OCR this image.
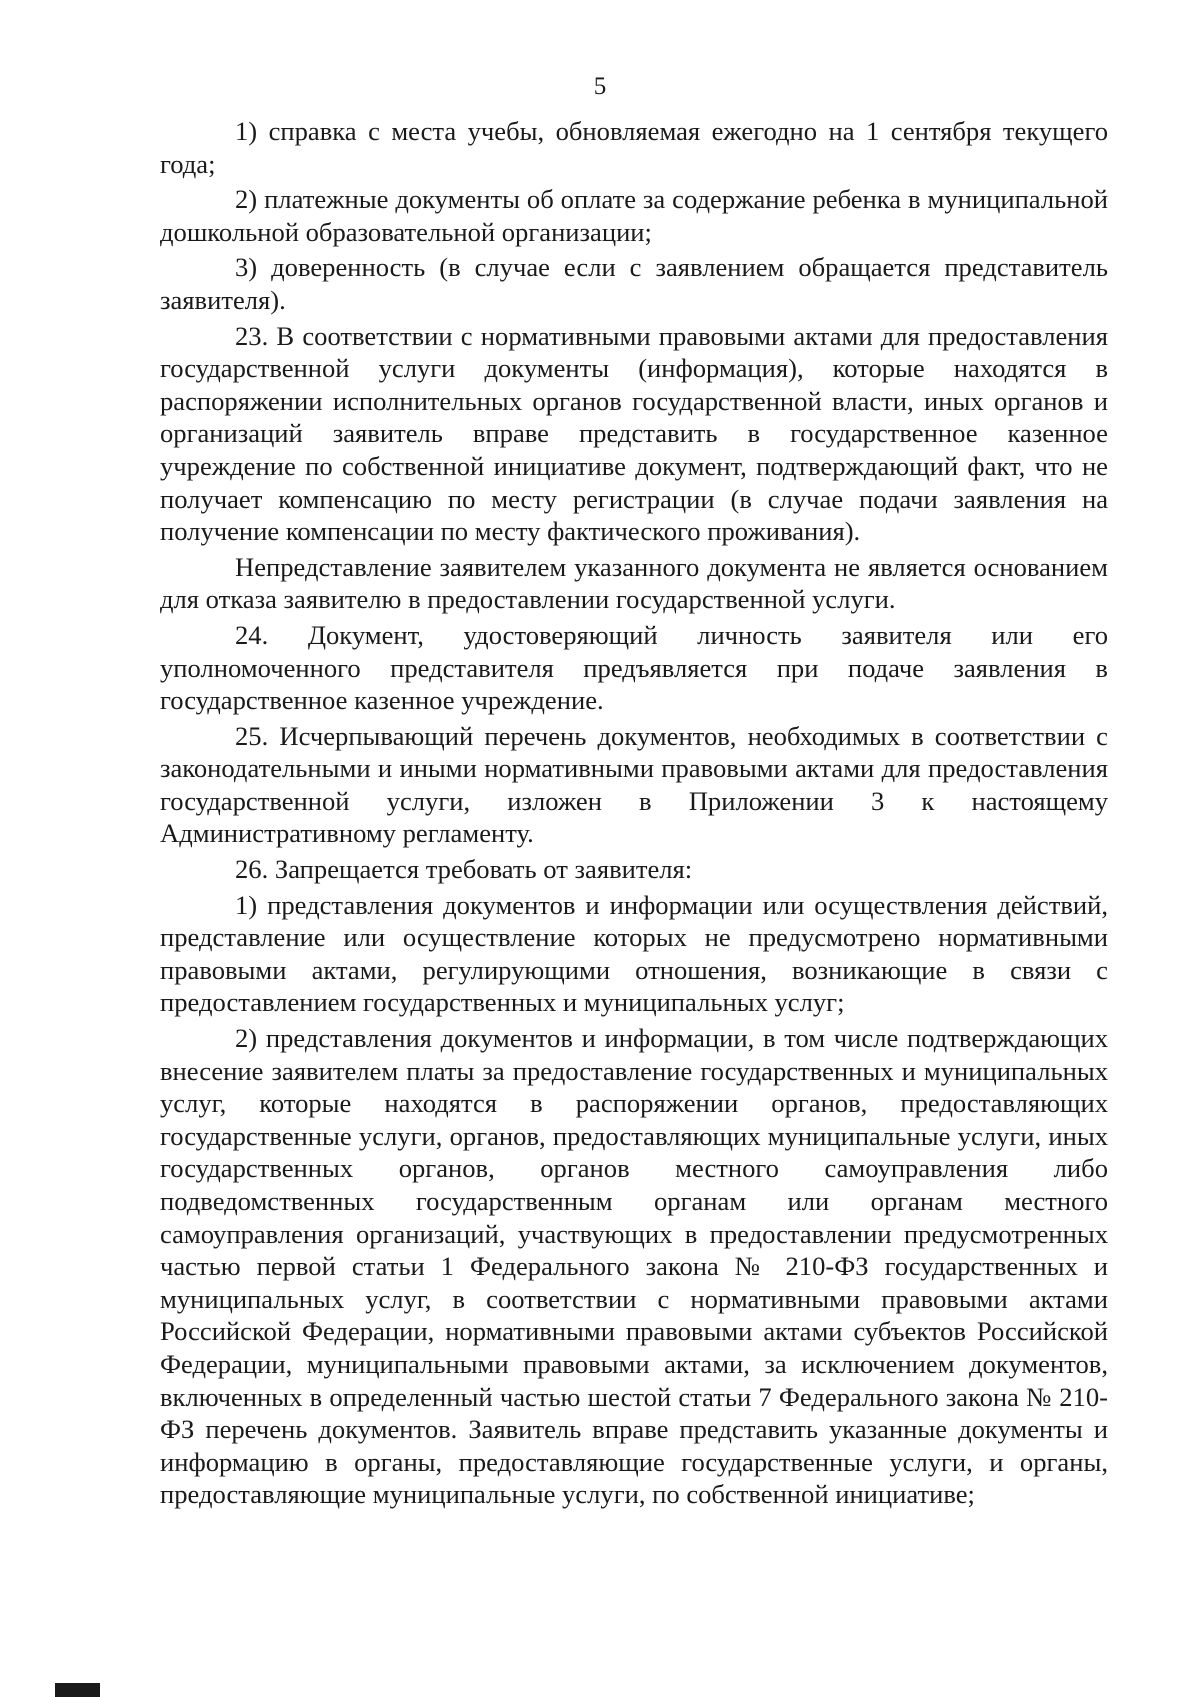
5

1) справка с места учебы, обновляемая ежегодно на 1 сентября текущего года;

2) платежные документы об оплате за содержание ребенка в муниципальной дошкольной образовательной организации;

3) доверенность (в случае если с заявлением обращается представитель заявителя).

23. В соответствии с нормативными правовыми актами для предоставления государственной услуги документы (информация), которые находятся в распоряжении исполнительных органов государственной власти, иных органов и организаций заявитель вправе представить в государственное казенное учреждение по собственной инициативе документ, подтверждающий факт, что не получает компенсацию по месту регистрации (в случае подачи заявления на получение компенсации по месту фактического проживания).

Непредставление заявителем указанного документа не является основанием для отказа заявителю в предоставлении государственной услуги.

24. Документ, удостоверяющий личность заявителя или его уполномоченного представителя предъявляется при подаче заявления в государственное казенное учреждение.

25. Исчерпывающий перечень документов, необходимых в соответствии с законодательными и иными нормативными правовыми актами для предоставления государственной услуги, изложен в Приложении 3 к настоящему Административному регламенту.

26. Запрещается требовать от заявителя:

1) представления документов и информации или осуществления действий, представление или осуществление которых не предусмотрено нормативными правовыми актами, регулирующими отношения, возникающие в связи с предоставлением государственных и муниципальных услуг;

2) представления документов и информации, в том числе подтверждающих внесение заявителем платы за предоставление государственных и муниципальных услуг, которые находятся в распоряжении органов, предоставляющих государственные услуги, органов, предоставляющих муниципальные услуги, иных государственных органов, органов местного самоуправления либо подведомственных государственным органам или органам местного самоуправления организаций, участвующих в предоставлении предусмотренных частью первой статьи 1 Федерального закона № 210-ФЗ государственных и муниципальных услуг, в соответствии с нормативными правовыми актами Российской Федерации, нормативными правовыми актами субъектов Российской Федерации, муниципальными правовыми актами, за исключением документов, включенных в определенный частью шестой статьи 7 Федерального закона № 210-ФЗ перечень документов. Заявитель вправе представить указанные документы и информацию в органы, предоставляющие государственные услуги, и органы, предоставляющие муниципальные услуги, по собственной инициативе;
